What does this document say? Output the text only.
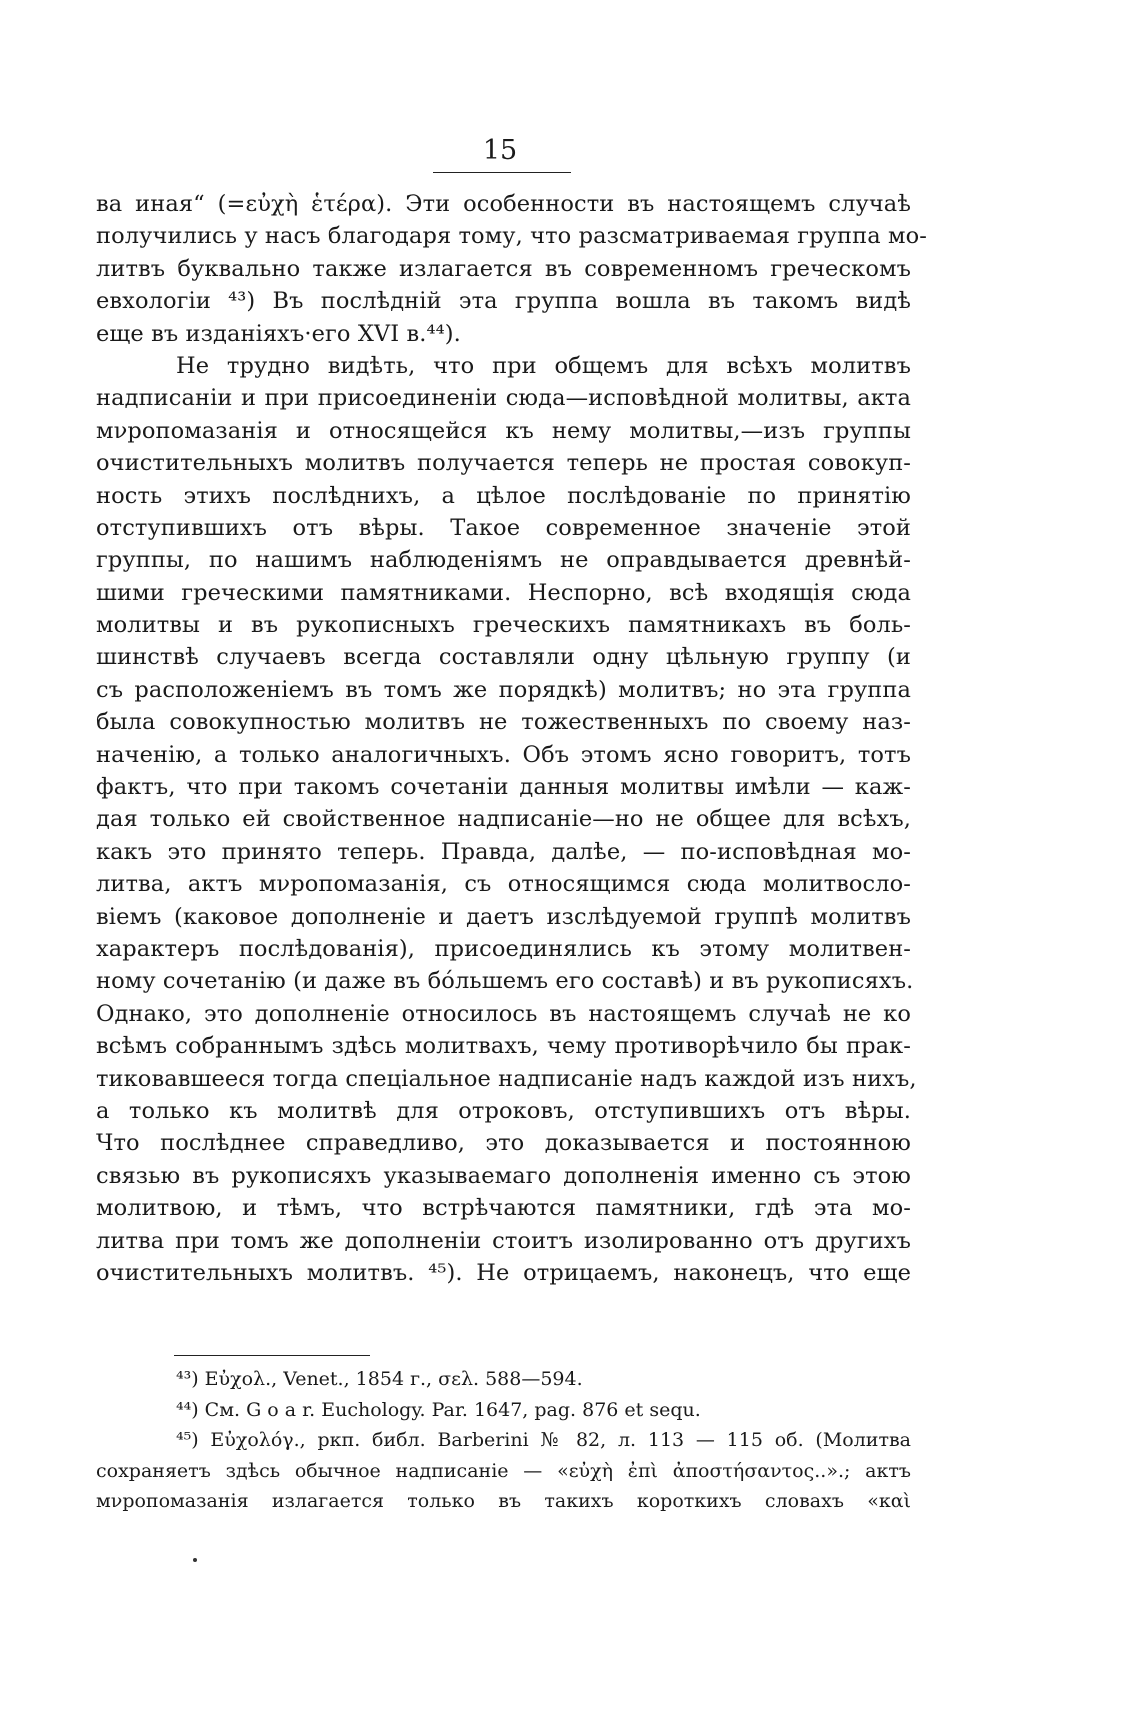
15
ва иная“ (=εὐχὴ ἑτέρα). Эти особенности въ настоящемъ случаѣ
получились у насъ благодаря тому, что разсматриваемая группа мо-
литвъ буквально также излагается въ современномъ греческомъ
евхологіи ⁴³) Въ послѣдній эта группа вошла въ такомъ видѣ
еще въ изданіяхъ·его XVI в.⁴⁴).
Не трудно видѣть, что при общемъ для всѣхъ молитвъ
надписаніи и при присоединеніи сюда—исповѣдной молитвы, акта
мνропомазанія и относящейся къ нему молитвы,—изъ группы
очистительныхъ молитвъ получается теперь не простая совокуп-
ность этихъ послѣднихъ, а цѣлое послѣдованіе по принятію
отступившихъ отъ вѣры. Такое современное значеніе этой
группы, по нашимъ наблюденіямъ не оправдывается древнѣй-
шими греческими памятниками. Неспорно, всѣ входящія сюда
молитвы и въ рукописныхъ греческихъ памятникахъ въ боль-
шинствѣ случаевъ всегда составляли одну цѣльную группу (и
съ расположеніемъ въ томъ же порядкѣ) молитвъ; но эта группа
была совокупностью молитвъ не тожественныхъ по своему наз-
наченію, а только аналогичныхъ. Объ этомъ ясно говоритъ, тотъ
фактъ, что при такомъ сочетаніи данныя молитвы имѣли — каж-
дая только ей свойственное надписаніе—но не общее для всѣхъ,
какъ это принято теперь. Правда, далѣе, — по-исповѣдная мо-
литва, актъ мνропомазанія, съ относящимся сюда молитвосло-
віемъ (каковое дополненіе и даетъ изслѣдуемой группѣ молитвъ
характеръ послѣдованія), присоединялись къ этому молитвен-
ному сочетанію (и даже въ бо́льшемъ его составѣ) и въ рукописяхъ.
Однако, это дополненіе относилось въ настоящемъ случаѣ не ко
всѣмъ собраннымъ здѣсь молитвахъ, чему противорѣчило бы прак-
тиковавшееся тогда спеціальное надписаніе надъ каждой изъ нихъ,
а только къ молитвѣ для отроковъ, отступившихъ отъ вѣры.
Что послѣднее справедливо, это доказывается и постоянною
связью въ рукописяхъ указываемаго дополненія именно съ этою
молитвою, и тѣмъ, что встрѣчаются памятники, гдѣ эта мо-
литва при томъ же дополненіи стоитъ изолированно отъ другихъ
очистительныхъ молитвъ. ⁴⁵). Не отрицаемъ, наконецъ, что еще
⁴³) Εὐχολ., Venet., 1854 г., σελ. 588—594.
⁴⁴) См. G o a r. Euchology. Par. 1647, pag. 876 et sequ.
⁴⁵) Εὐχολόγ., ркп. библ. Barberini № 82, л. 113 — 115 об. (Молитва
сохраняетъ здѣсь обычное надписаніе — «εὐχὴ ἐπὶ ἀποστήσαντος..».; актъ
мνропомазанія излагается только въ такихъ короткихъ словахъ «καὶ
